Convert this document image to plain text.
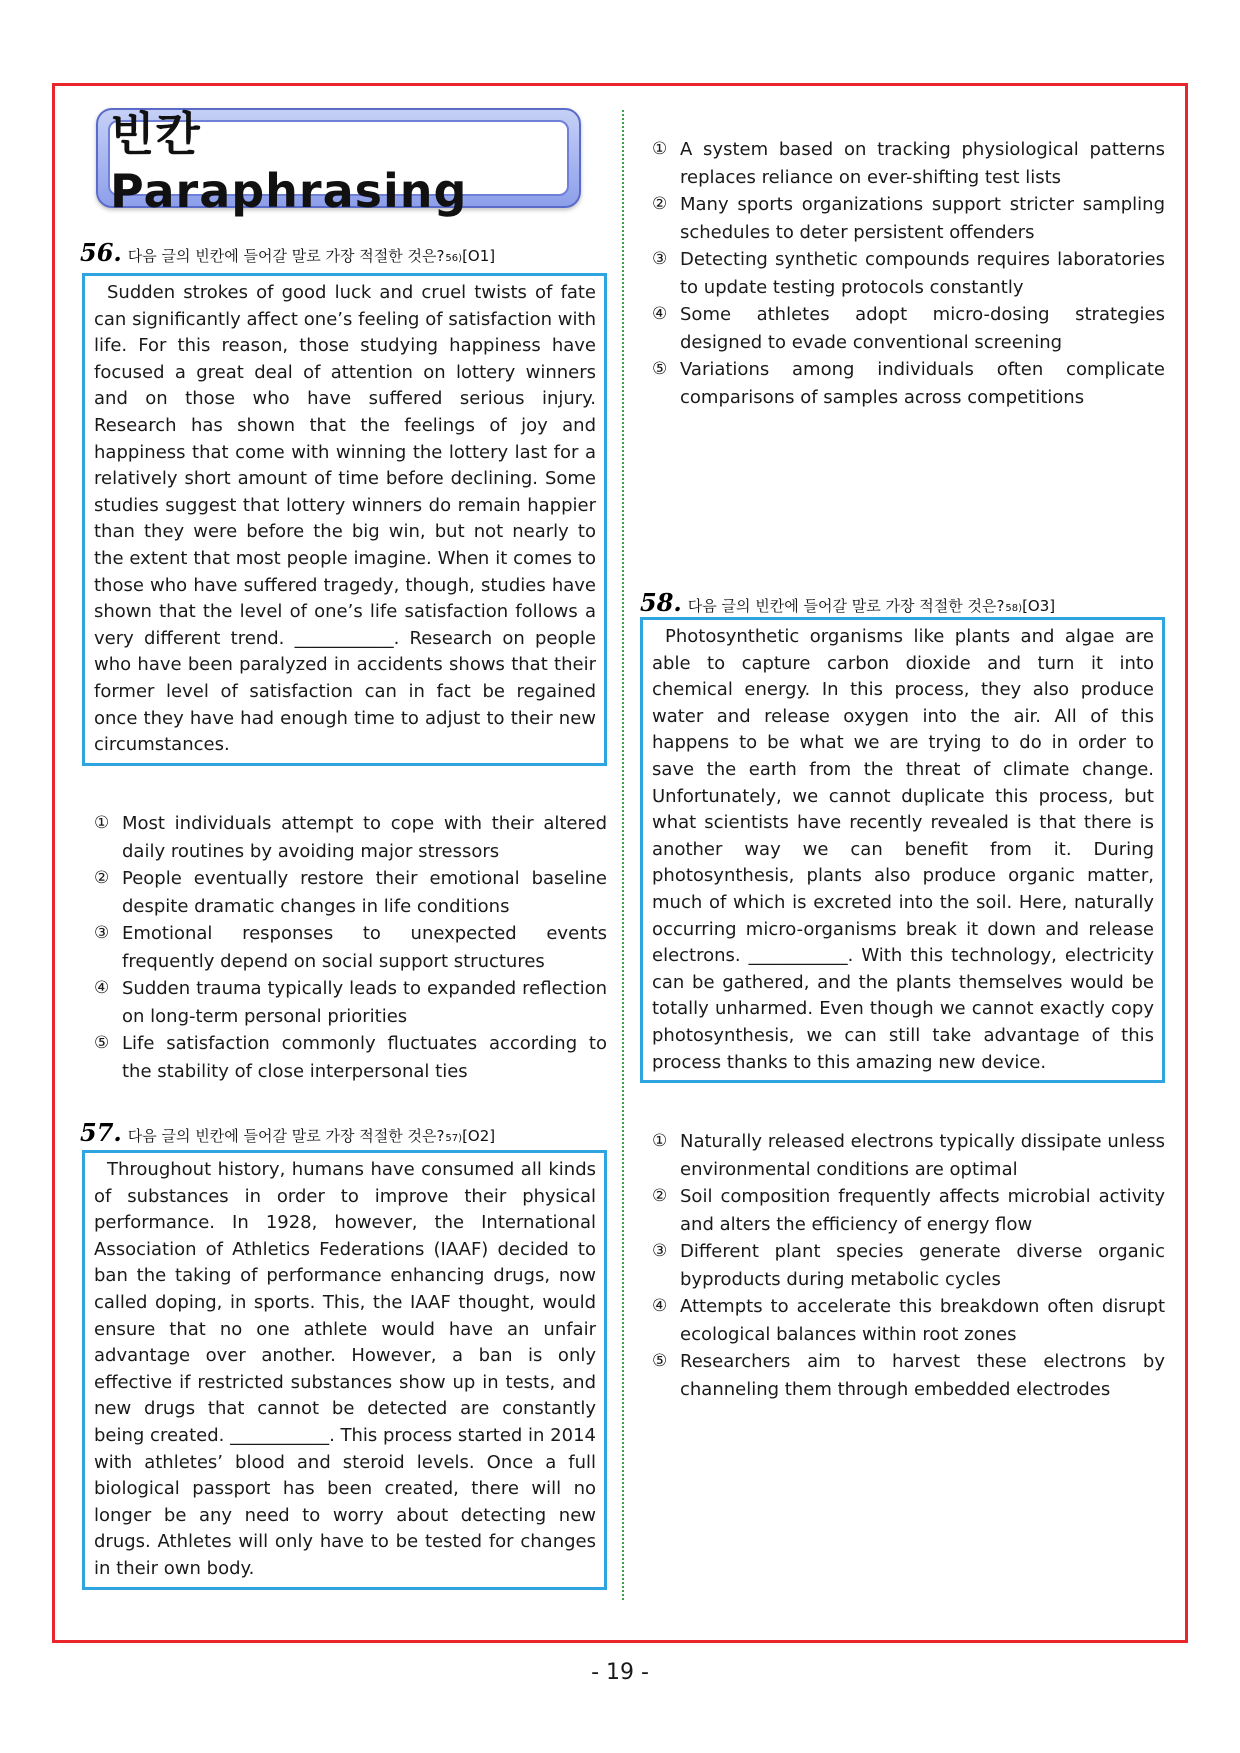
빈칸 Paraphrasing
56. 다음 글의 빈칸에 들어갈 말로 가장 적절한 것은? 56) [O1]

Sudden strokes of good luck and cruel twists of fate can significantly affect one’s feeling of satisfaction with life. For this reason, those studying happiness have focused a great deal of attention on lottery winners and on those who have suffered serious injury. Research has shown that the feelings of joy and happiness that come with winning the lottery last for a relatively short amount of time before declining. Some studies suggest that lottery winners do remain happier than they were before the big win, but not nearly to the extent that most people imagine. When it comes to those who have suffered tragedy, though, studies have shown that the level of one’s life satisfaction follows a very different trend. ___________. Research on people who have been paralyzed in accidents shows that their former level of satisfaction can in fact be regained once they have had enough time to adjust to their new circumstances.

① Most individuals attempt to cope with their altered daily routines by avoiding major stressors
② People eventually restore their emotional baseline despite dramatic changes in life conditions
③ Emotional responses to unexpected events frequently depend on social support structures
④ Sudden trauma typically leads to expanded reflection on long-term personal priorities
⑤ Life satisfaction commonly fluctuates according to the stability of close interpersonal ties
57. 다음 글의 빈칸에 들어갈 말로 가장 적절한 것은? 57) [O2]

Throughout history, humans have consumed all kinds of substances in order to improve their physical performance. In 1928, however, the International Association of Athletics Federations (IAAF) decided to ban the taking of performance enhancing drugs, now called doping, in sports. This, the IAAF thought, would ensure that no one athlete would have an unfair advantage over another. However, a ban is only effective if restricted substances show up in tests, and new drugs that cannot be detected are constantly being created. ___________. This process started in 2014 with athletes’ blood and steroid levels. Once a full biological passport has been created, there will no longer be any need to worry about detecting new drugs. Athletes will only have to be tested for changes in their own body.

① A system based on tracking physiological patterns replaces reliance on ever-shifting test lists
② Many sports organizations support stricter sampling schedules to deter persistent offenders
③ Detecting synthetic compounds requires laboratories to update testing protocols constantly
④ Some athletes adopt micro-dosing strategies designed to evade conventional screening
⑤ Variations among individuals often complicate comparisons of samples across competitions
58. 다음 글의 빈칸에 들어갈 말로 가장 적절한 것은? 58) [O3]

Photosynthetic organisms like plants and algae are able to capture carbon dioxide and turn it into chemical energy. In this process, they also produce water and release oxygen into the air. All of this happens to be what we are trying to do in order to save the earth from the threat of climate change. Unfortunately, we cannot duplicate this process, but what scientists have recently revealed is that there is another way we can benefit from it. During photosynthesis, plants also produce organic matter, much of which is excreted into the soil. Here, naturally occurring micro-organisms break it down and release electrons. ___________. With this technology, electricity can be gathered, and the plants themselves would be totally unharmed. Even though we cannot exactly copy photosynthesis, we can still take advantage of this process thanks to this amazing new device.

① Naturally released electrons typically dissipate unless environmental conditions are optimal
② Soil composition frequently affects microbial activity and alters the efficiency of energy flow
③ Different plant species generate diverse organic byproducts during metabolic cycles
④ Attempts to accelerate this breakdown often disrupt ecological balances within root zones
⑤ Researchers aim to harvest these electrons by channeling them through embedded electrodes
- 19 -
